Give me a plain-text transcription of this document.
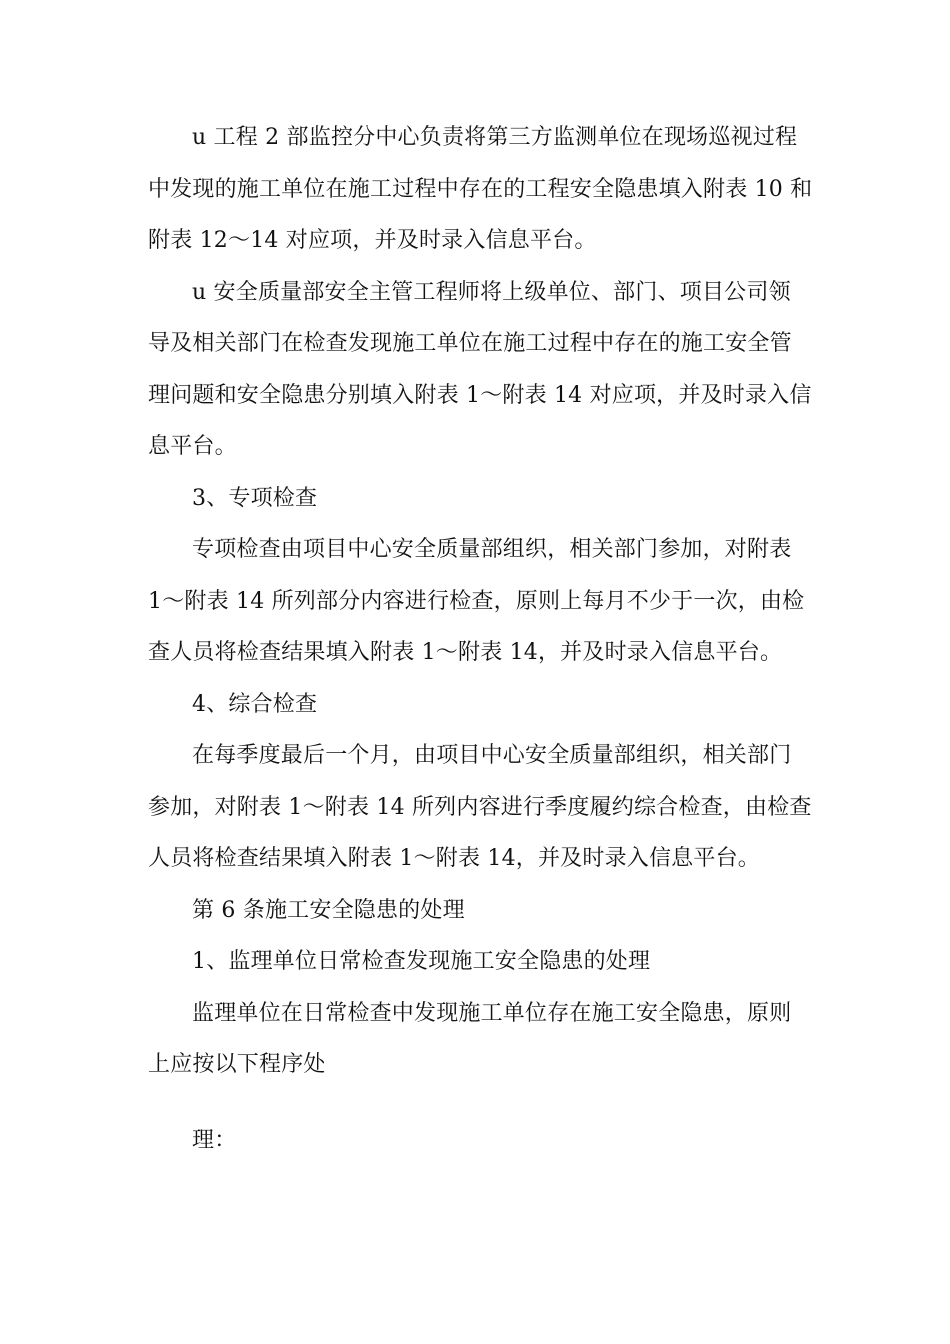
u 工程 2 部监控分中心负责将第三方监测单位在现场巡视过程
中发现的施工单位在施工过程中存在的工程安全隐患填入附表 10 和
附表 12～14 对应项，并及时录入信息平台。
u 安全质量部安全主管工程师将上级单位、部门、项目公司领
导及相关部门在检查发现施工单位在施工过程中存在的施工安全管
理问题和安全隐患分别填入附表 1～附表 14 对应项，并及时录入信
息平台。
3、专项检查
专项检查由项目中心安全质量部组织，相关部门参加，对附表
1～附表 14 所列部分内容进行检查，原则上每月不少于一次，由检
查人员将检查结果填入附表 1～附表 14，并及时录入信息平台。
4、综合检查
在每季度最后一个月，由项目中心安全质量部组织，相关部门
参加，对附表 1～附表 14 所列内容进行季度履约综合检查，由检查
人员将检查结果填入附表 1～附表 14，并及时录入信息平台。
第 6 条施工安全隐患的处理
1、监理单位日常检查发现施工安全隐患的处理
监理单位在日常检查中发现施工单位存在施工安全隐患，原则
上应按以下程序处
理：
